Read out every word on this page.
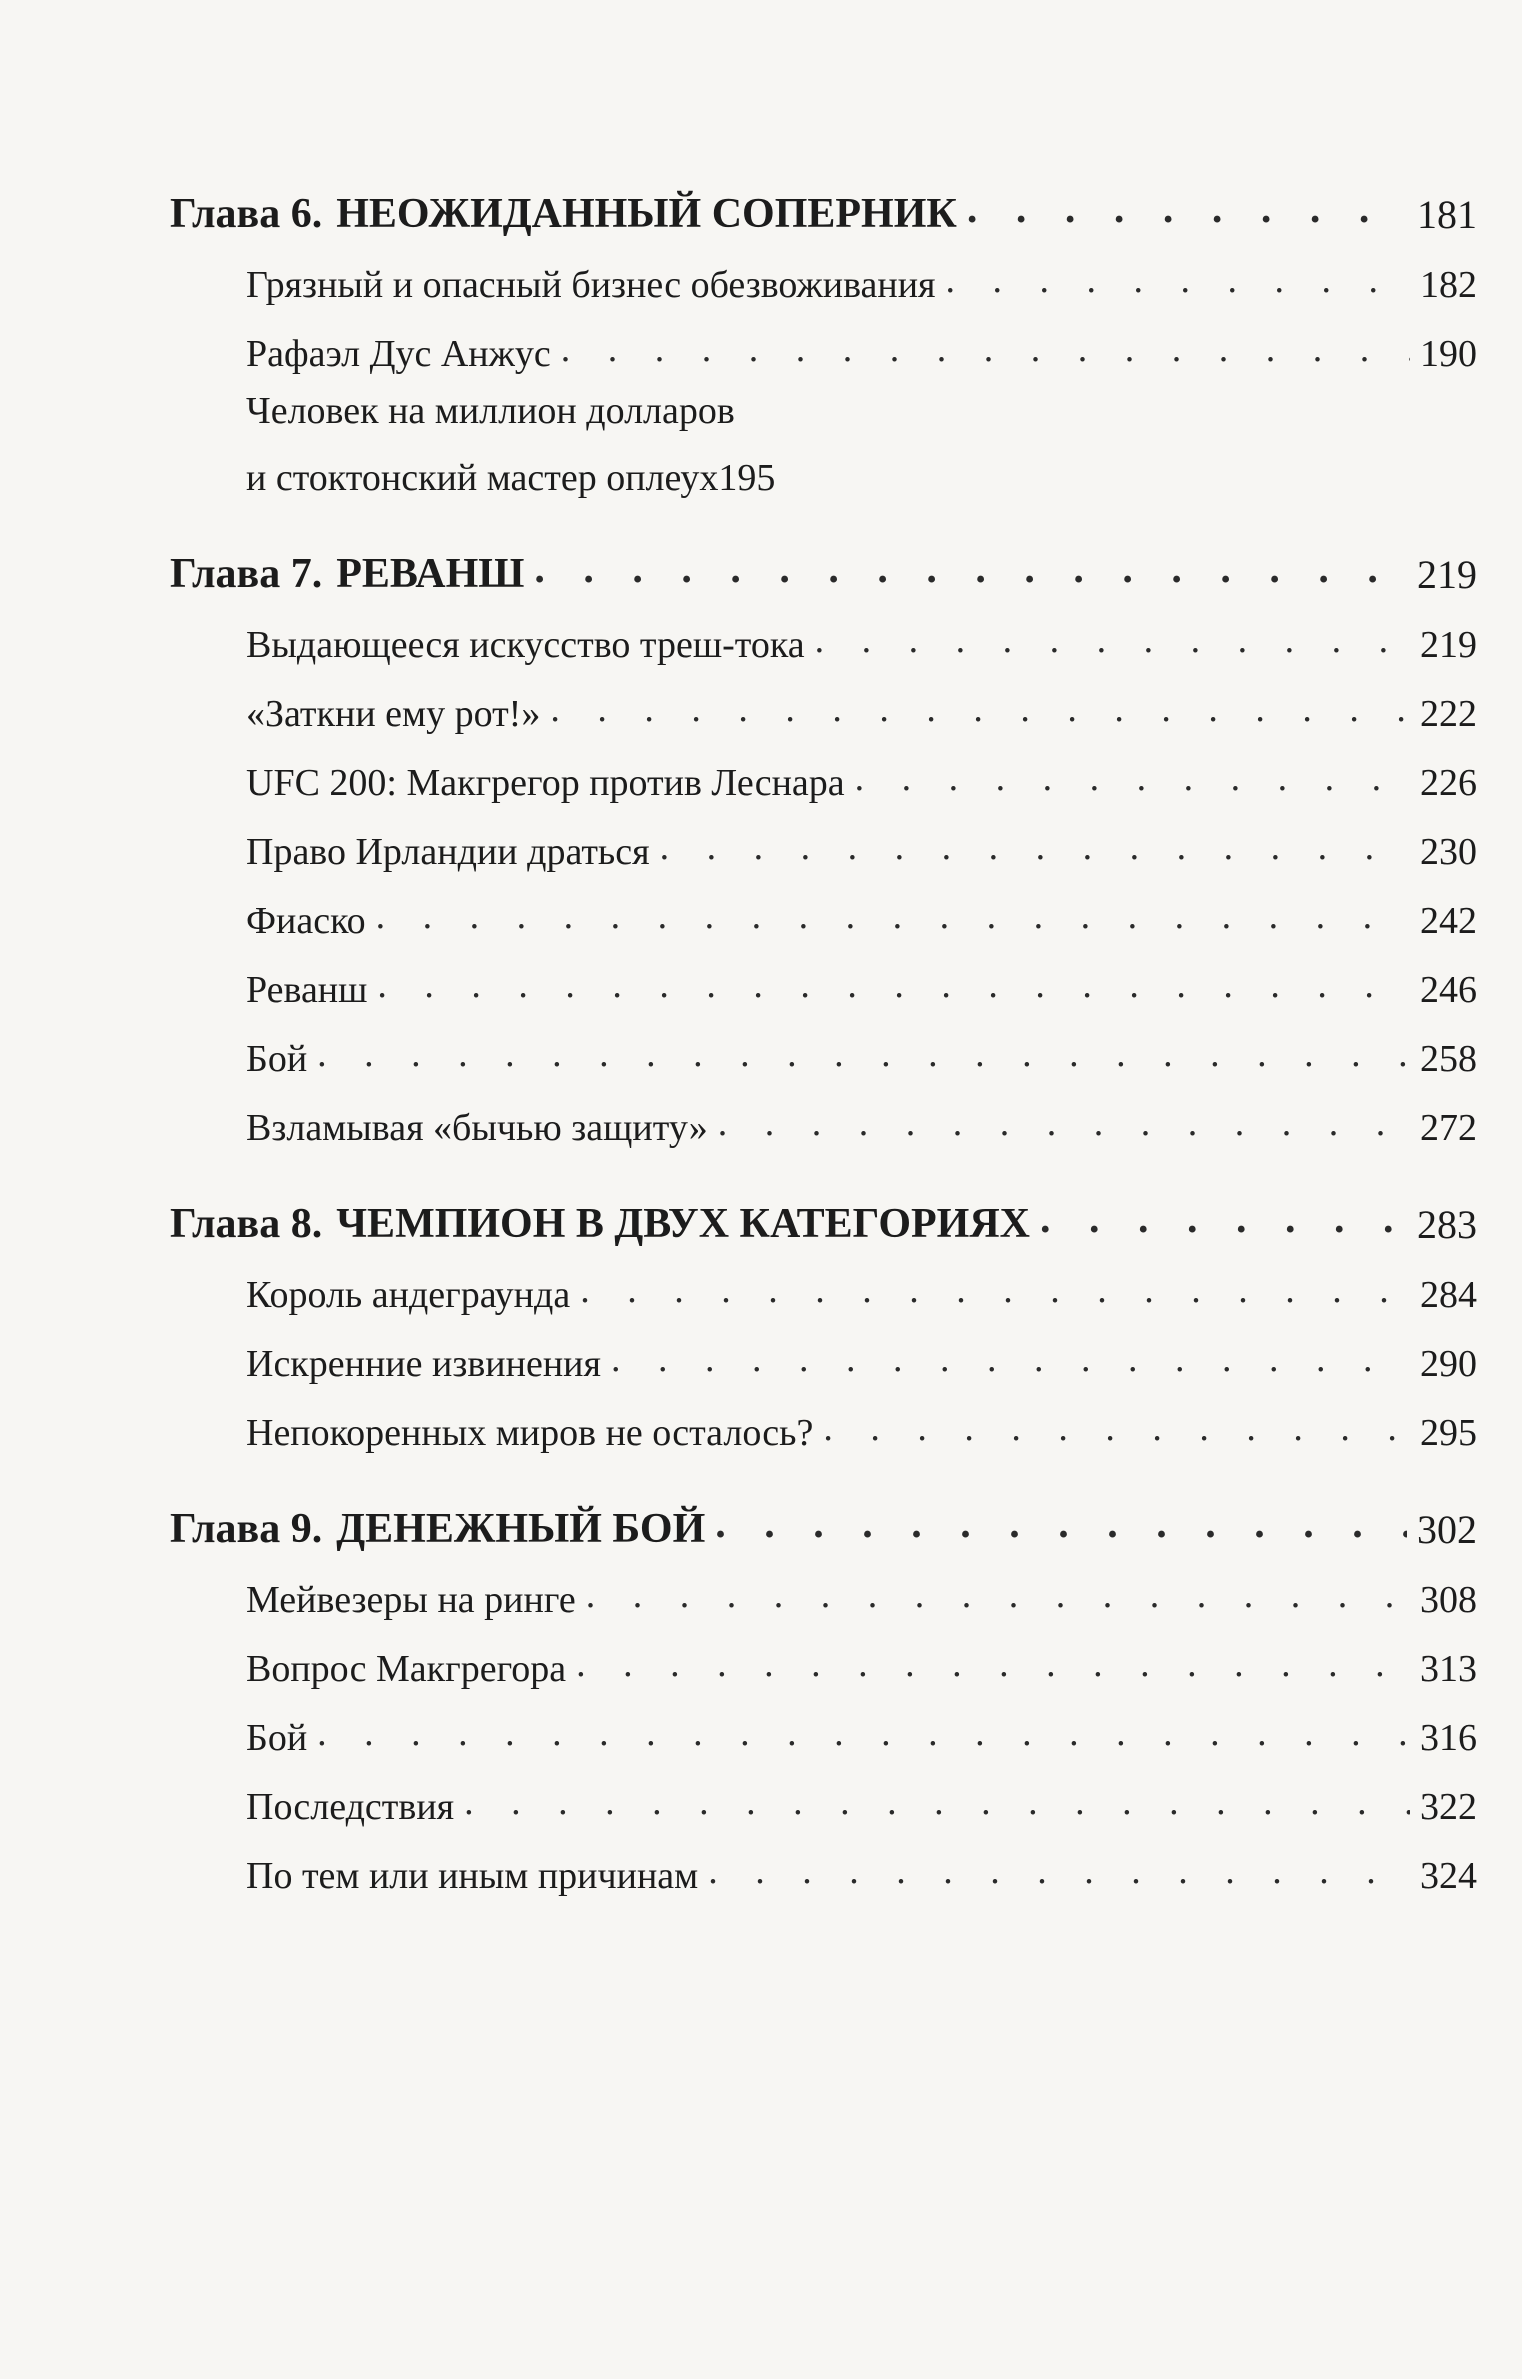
Глава 6. НЕОЖИДАННЫЙ СОПЕРНИК . . .	181
Грязный и опасный бизнес обезвоживания . . .	182
Рафаэл Дус Анжус . . .	190
Человек на миллион долларов
и стоктонский мастер оплеух 195
Глава 7. РЕВАНШ . . .	219
Выдающееся искусство треш-тока . . .	219
«Заткни ему рот!» . . .	222
UFC 200: Макгрегор против Леснара . . .	226
Право Ирландии драться . . .	230
Фиаско . . .	242
Реванш . . .	246
Бой . . .	258
Взламывая «бычью защиту» . . .	272
Глава 8. ЧЕМПИОН В ДВУХ КАТЕГОРИЯХ . . .	283
Король андеграунда . . .	284
Искренние извинения . . .	290
Непокоренных миров не осталось? . . .	295
Глава 9. ДЕНЕЖНЫЙ БОЙ . . .	302
Мейвезеры на ринге . . .	308
Вопрос Макгрегора . . .	313
Бой . . .	316
Последствия . . .	322
По тем или иным причинам . . .	324
